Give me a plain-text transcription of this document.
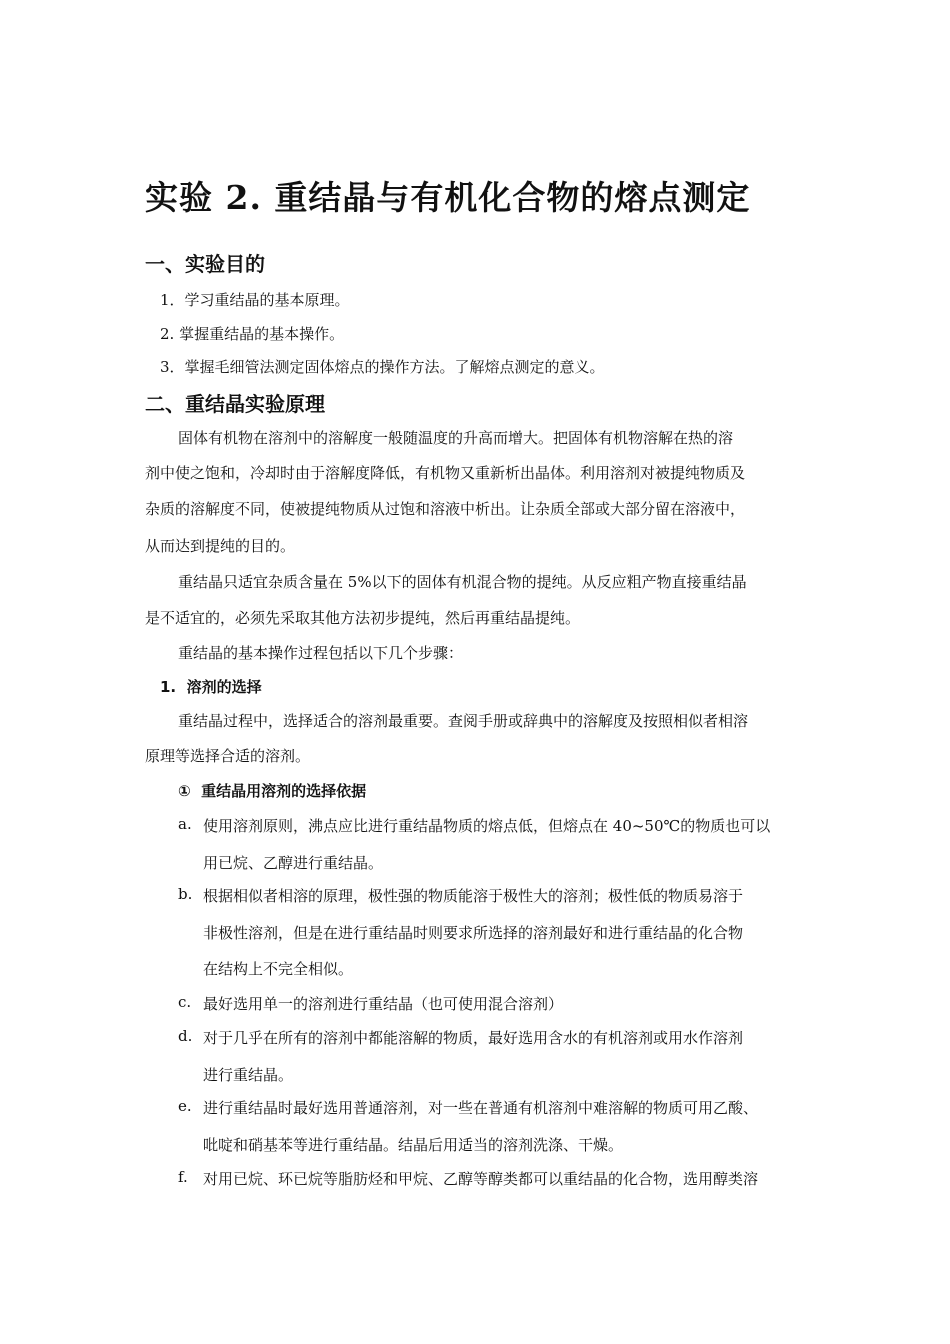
实验 2. 重结晶与有机化合物的熔点测定
一、实验目的
1．学习重结晶的基本原理。
2. 掌握重结晶的基本操作。
3．掌握毛细管法测定固体熔点的操作方法。了解熔点测定的意义。
二、重结晶实验原理
固体有机物在溶剂中的溶解度一般随温度的升高而增大。把固体有机物溶解在热的溶
剂中使之饱和，冷却时由于溶解度降低，有机物又重新析出晶体。利用溶剂对被提纯物质及
杂质的溶解度不同，使被提纯物质从过饱和溶液中析出。让杂质全部或大部分留在溶液中，
从而达到提纯的目的。
重结晶只适宜杂质含量在 5%以下的固体有机混合物的提纯。从反应粗产物直接重结晶
是不适宜的，必须先采取其他方法初步提纯，然后再重结晶提纯。
重结晶的基本操作过程包括以下几个步骤：
1. 溶剂的选择
重结晶过程中，选择适合的溶剂最重要。查阅手册或辞典中的溶解度及按照相似者相溶
原理等选择合适的溶剂。
① 重结晶用溶剂的选择依据
a. 使用溶剂原则，沸点应比进行重结晶物质的熔点低，但熔点在 40~50℃的物质也可以
用已烷、乙醇进行重结晶。
b. 根据相似者相溶的原理，极性强的物质能溶于极性大的溶剂；极性低的物质易溶于
非极性溶剂，但是在进行重结晶时则要求所选择的溶剂最好和进行重结晶的化合物
在结构上不完全相似。
c. 最好选用单一的溶剂进行重结晶（也可使用混合溶剂）
d. 对于几乎在所有的溶剂中都能溶解的物质，最好选用含水的有机溶剂或用水作溶剂
进行重结晶。
e. 进行重结晶时最好选用普通溶剂，对一些在普通有机溶剂中难溶解的物质可用乙酸、
吡啶和硝基苯等进行重结晶。结晶后用适当的溶剂洗涤、干燥。
f. 对用已烷、环已烷等脂肪烃和甲烷、乙醇等醇类都可以重结晶的化合物，选用醇类溶
